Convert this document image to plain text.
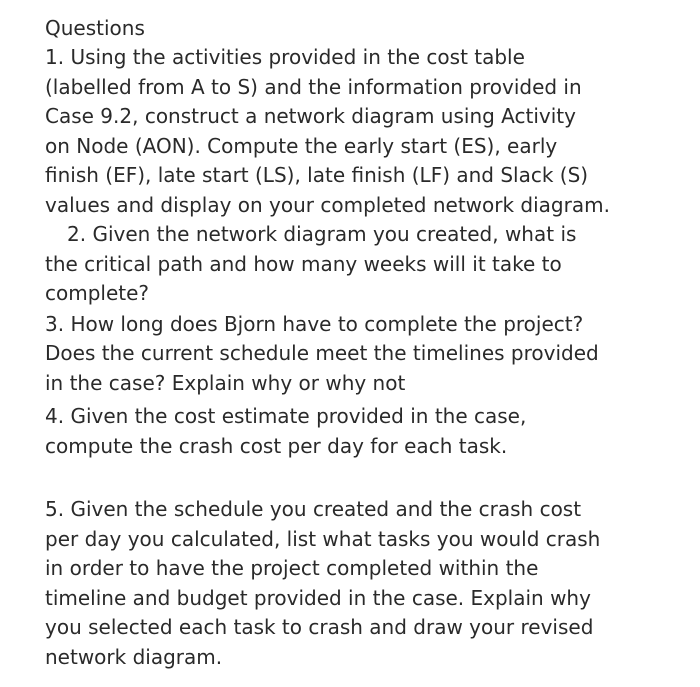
Questions

1. Using the activities provided in the cost table
(labelled from A to S) and the information provided in
Case 9.2, construct a network diagram using Activity
on Node (AON). Compute the early start (ES), early
finish (EF), late start (LS), late finish (LF) and Slack (S)
values and display on your completed network diagram.

2. Given the network diagram you created, what is
the critical path and how many weeks will it take to
complete?

3. How long does Bjorn have to complete the project?
Does the current schedule meet the timelines provided
in the case? Explain why or why not

4. Given the cost estimate provided in the case,
compute the crash cost per day for each task.

5. Given the schedule you created and the crash cost
per day you calculated, list what tasks you would crash
in order to have the project completed within the
timeline and budget provided in the case. Explain why
you selected each task to crash and draw your revised
network diagram.
